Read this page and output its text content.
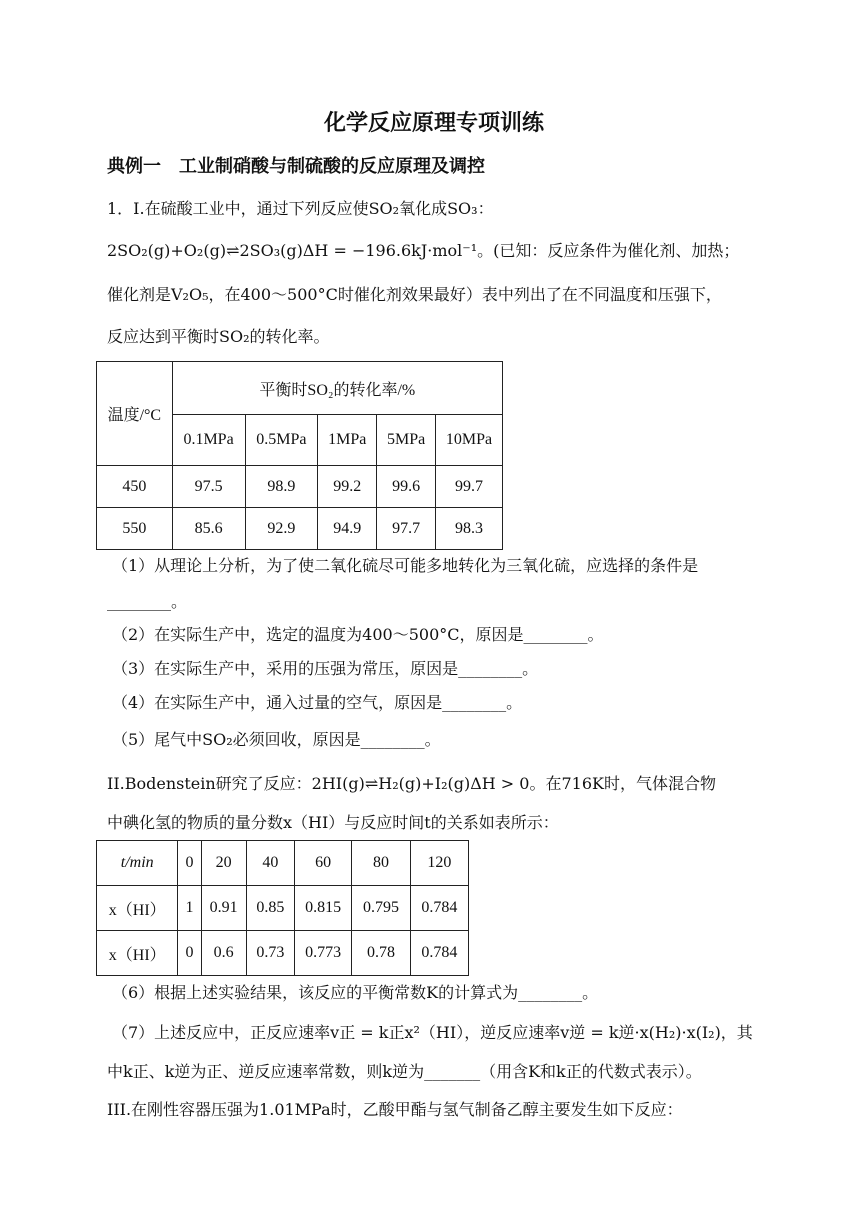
化学反应原理专项训练
典例一　工业制硝酸与制硫酸的反应原理及调控
1．I.在硫酸工业中，通过下列反应使SO₂氧化成SO₃：
2SO₂(g)+O₂(g)⇌2SO₃(g)ΔH = −196.6kJ·mol⁻¹。(已知：反应条件为催化剂、加热；
催化剂是V₂O₅，在400～500°C时催化剂效果最好）表中列出了在不同温度和压强下，
反应达到平衡时SO₂的转化率。
温度/°C	平衡时SO₂的转化率/%				
	0.1MPa	0.5MPa	1MPa	5MPa	10MPa
450	97.5	98.9	99.2	99.6	99.7
550	85.6	92.9	94.9	97.7	98.3
（1）从理论上分析，为了使二氧化硫尽可能多地转化为三氧化硫，应选择的条件是
________。
（2）在实际生产中，选定的温度为400～500°C，原因是________。
（3）在实际生产中，采用的压强为常压，原因是________。
（4）在实际生产中，通入过量的空气，原因是________。
（5）尾气中SO₂必须回收，原因是________。
II.Bodenstein研究了反应：2HI(g)⇌H₂(g)+I₂(g)ΔH > 0。在716K时，气体混合物
中碘化氢的物质的量分数x（HI）与反应时间t的关系如表所示：
t/min	0	20	40	60	80	120
x（HI）	1	0.91	0.85	0.815	0.795	0.784
x（HI）	0	0.6	0.73	0.773	0.78	0.784
（6）根据上述实验结果，该反应的平衡常数K的计算式为________。
（7）上述反应中，正反应速率v正 = k正x²（HI），逆反应速率v逆 = k逆·x(H₂)·x(I₂)，其
中k正、k逆为正、逆反应速率常数，则k逆为_______（用含K和k正的代数式表示）。
III.在刚性容器压强为1.01MPa时，乙酸甲酯与氢气制备乙醇主要发生如下反应：
